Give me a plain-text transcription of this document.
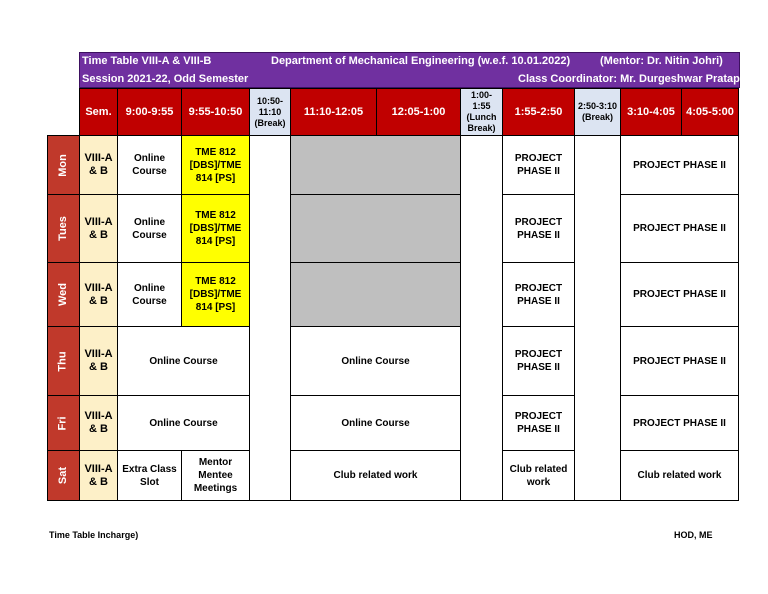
Time Table VIII-A & VIII-B	Department of Mechanical Engineering (w.e.f. 10.01.2022)	(Mentor: Dr. Nitin Johri)
Session 2021-22, Odd Semester	Class Coordinator: Mr. Durgeshwar Pratap
	Sem.	9:00-9:55	9:55-10:50	10:50-11:10 (Break)	11:10-12:05	12:05-1:00	1:00-1:55 (Lunch Break)	1:55-2:50	2:50-3:10 (Break)	3:10-4:05	4:05-5:00
Mon	VIII-A & B	Online Course	TME 812 [DBS]/TME 814 [PS]					PROJECT PHASE II		PROJECT PHASE II	
Tues	VIII-A & B	Online Course	TME 812 [DBS]/TME 814 [PS]					PROJECT PHASE II		PROJECT PHASE II	
Wed	VIII-A & B	Online Course	TME 812 [DBS]/TME 814 [PS]					PROJECT PHASE II		PROJECT PHASE II	
Thu	VIII-A & B	Online Course			Online Course			PROJECT PHASE II		PROJECT PHASE II	
Fri	VIII-A & B	Online Course			Online Course			PROJECT PHASE II		PROJECT PHASE II	
Sat	VIII-A & B	Extra Class Slot	Mentor Mentee Meetings		Club related work			Club related work		Club related work	
Time Table Incharge)	HOD, ME
